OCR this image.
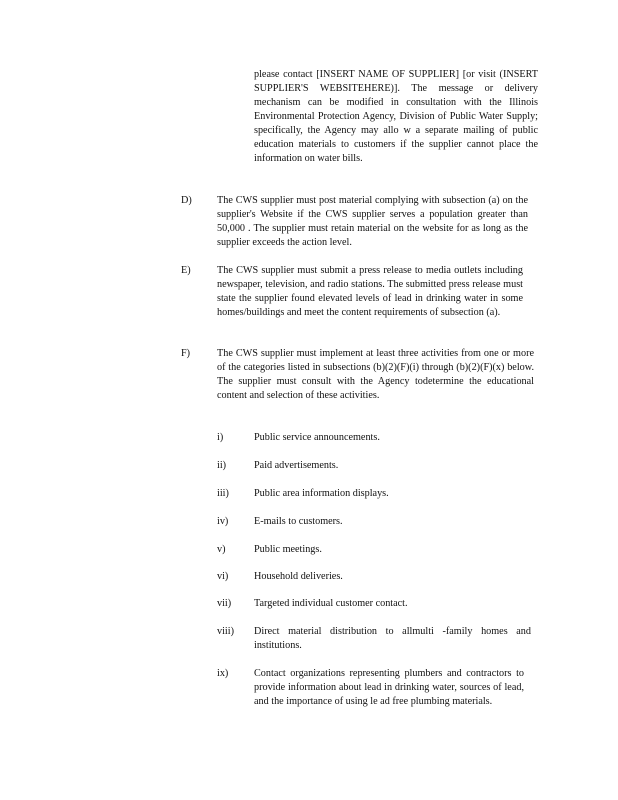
please contact [INSERT NAME OF SUPPLIER] [or visit (INSERT SUPPLIER'S WEBSITEHERE)]. The message or delivery mechanism can be modified in consultation with the Illinois Environmental Protection Agency, Division of Public Water Supply; specifically, the Agency may allo w a separate mailing of public education materials to customers if the supplier cannot place the information on water bills.
D) The CWS supplier must post material complying with subsection (a) on the supplier's Website if the CWS supplier serves a population greater than 50,000 . The supplier must retain material on the website for as long as the supplier exceeds the action level.
E)	The CWS supplier must submit a press release to media outlets including newspaper, television, and radio stations. The submitted press release must state the supplier found elevated levels of lead in drinking water in some homes/buildings and meet the content requirements of subsection (a).
F)	The CWS supplier must implement at least three activities from one or more of the categories listed in subsections (b)(2)(F)(i) through (b)(2)(F)(x) below. The supplier must consult with the Agency todetermine the educational content and selection of these activities.
i)	Public service announcements.
ii)	Paid advertisements.
iii) Public area information displays.
iv)	E-mails to customers.
v)	Public meetings.
vi)	Household deliveries.
vii) Targeted individual customer contact.
viii) Direct material distribution to allmulti -family homes and institutions.
ix)	Contact organizations representing plumbers and contractors to provide information about lead in drinking water, sources of lead, and the importance of using le ad free plumbing materials.
